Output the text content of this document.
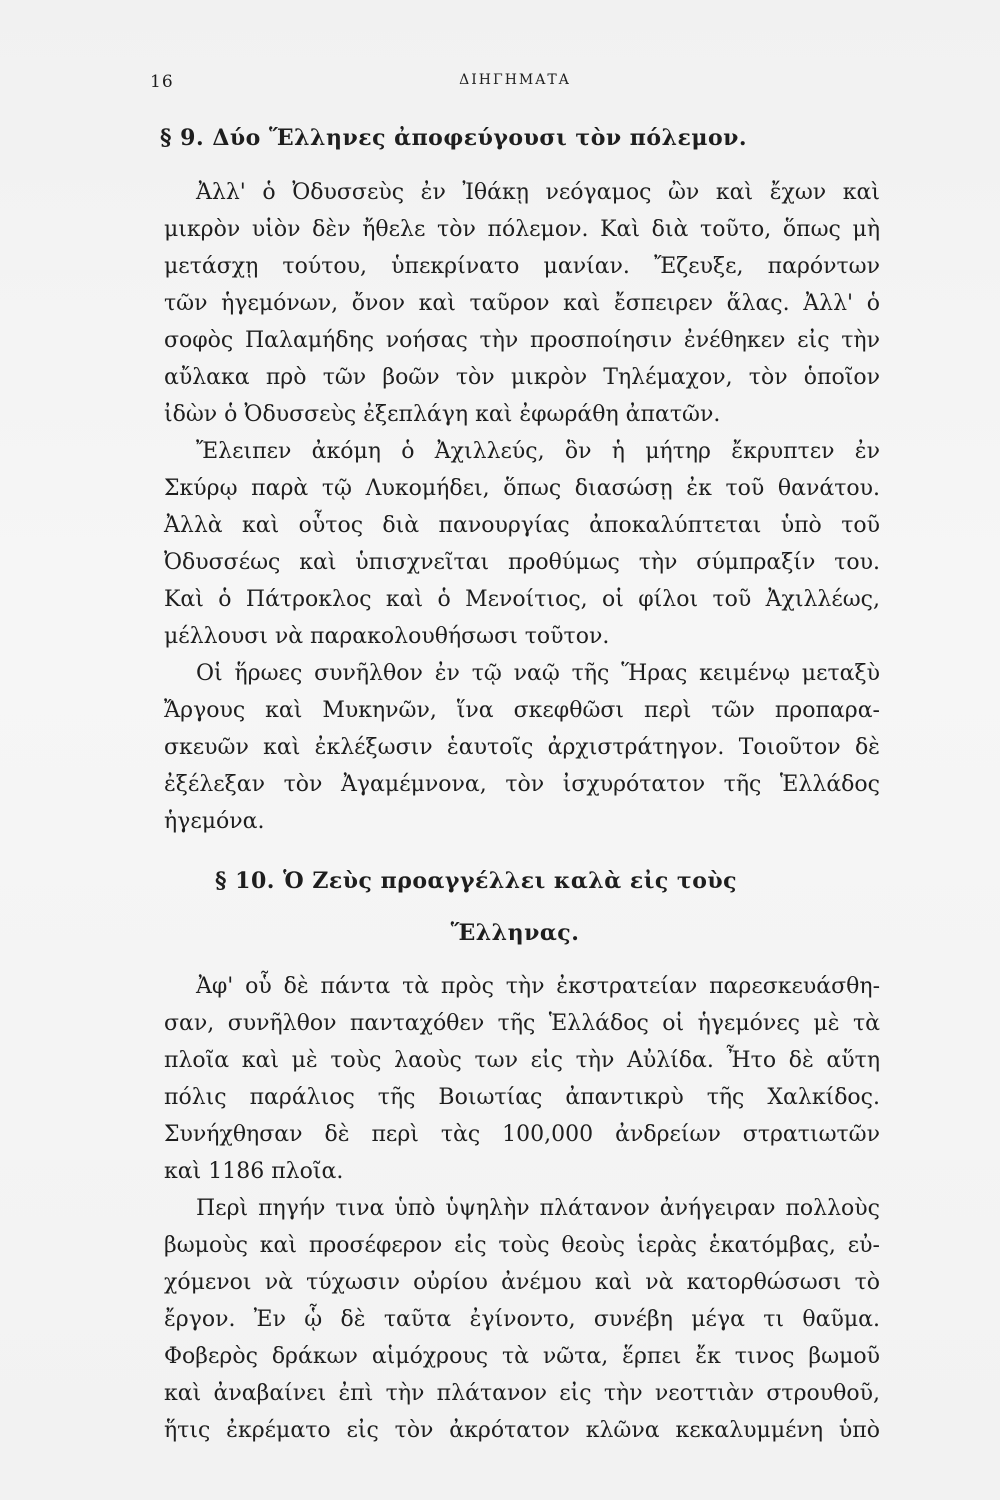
16	ΔΙΗΓΗΜΑΤΑ
§ 9. Δύο Ἕλληνες ἀποφεύγουσι τὸν πόλεμον.
Ἀλλ' ὁ Ὀδυσσεὺς ἐν Ἰθάκῃ νεόγαμος ὢν καὶ ἔχων καὶ
μικρὸν υἱὸν δὲν ἤθελε τὸν πόλεμον. Καὶ διὰ τοῦτο, ὅπως μὴ
μετάσχῃ τούτου, ὑπεκρίνατο μανίαν. Ἔζευξε, παρόντων
τῶν ἡγεμόνων, ὄνον καὶ ταῦρον καὶ ἔσπειρεν ἅλας. Ἀλλ' ὁ
σοφὸς Παλαμήδης νοήσας τὴν προσποίησιν ἐνέθηκεν εἰς τὴν
αὔλακα πρὸ τῶν βοῶν τὸν μικρὸν Τηλέμαχον, τὸν ὁποῖον
ἰδὼν ὁ Ὀδυσσεὺς ἐξεπλάγη καὶ ἐφωράθη ἀπατῶν.
Ἔλειπεν ἀκόμη ὁ Ἀχιλλεύς, ὃν ἡ μήτηρ ἔκρυπτεν ἐν
Σκύρῳ παρὰ τῷ Λυκομήδει, ὅπως διασώσῃ ἐκ τοῦ θανάτου.
Ἀλλὰ καὶ οὗτος διὰ πανουργίας ἀποκαλύπτεται ὑπὸ τοῦ
Ὀδυσσέως καὶ ὑπισχνεῖται προθύμως τὴν σύμπραξίν του.
Καὶ ὁ Πάτροκλος καὶ ὁ Μενοίτιος, οἱ φίλοι τοῦ Ἀχιλλέως,
μέλλουσι νὰ παρακολουθήσωσι τοῦτον.
Οἱ ἥρωες συνῆλθον ἐν τῷ ναῷ τῆς Ἥρας κειμένῳ μεταξὺ
Ἄργους καὶ Μυκηνῶν, ἵνα σκεφθῶσι περὶ τῶν προπαρα-
σκευῶν καὶ ἐκλέξωσιν ἑαυτοῖς ἀρχιστράτηγον. Τοιοῦτον δὲ
ἐξέλεξαν τὸν Ἀγαμέμνονα, τὸν ἰσχυρότατον τῆς Ἑλλάδος
ἡγεμόνα.
§ 10. Ὁ Ζεὺς προαγγέλλει καλὰ εἰς τοὺς
Ἕλληνας.
Ἀφ' οὗ δὲ πάντα τὰ πρὸς τὴν ἐκστρατείαν παρεσκευάσθη-
σαν, συνῆλθον πανταχόθεν τῆς Ἑλλάδος οἱ ἡγεμόνες μὲ τὰ
πλοῖα καὶ μὲ τοὺς λαοὺς των εἰς τὴν Αὐλίδα. Ἦτο δὲ αὕτη
πόλις παράλιος τῆς Βοιωτίας ἀπαντικρὺ τῆς Χαλκίδος.
Συνήχθησαν δὲ περὶ τὰς 100,000 ἀνδρείων στρατιωτῶν
καὶ 1186 πλοῖα.
Περὶ πηγήν τινα ὑπὸ ὑψηλὴν πλάτανον ἀνήγειραν πολλοὺς
βωμοὺς καὶ προσέφερον εἰς τοὺς θεοὺς ἱερὰς ἑκατόμβας, εὐ-
χόμενοι νὰ τύχωσιν οὐρίου ἀνέμου καὶ νὰ κατορθώσωσι τὸ
ἔργον. Ἐν ᾧ δὲ ταῦτα ἐγίνοντο, συνέβη μέγα τι θαῦμα.
Φοβερὸς δράκων αἱμόχρους τὰ νῶτα, ἕρπει ἔκ τινος βωμοῦ
καὶ ἀναβαίνει ἐπὶ τὴν πλάτανον εἰς τὴν νεοττιὰν στρουθοῦ,
ἥτις ἐκρέματο εἰς τὸν ἀκρότατον κλῶνα κεκαλυμμένη ὑπὸ
